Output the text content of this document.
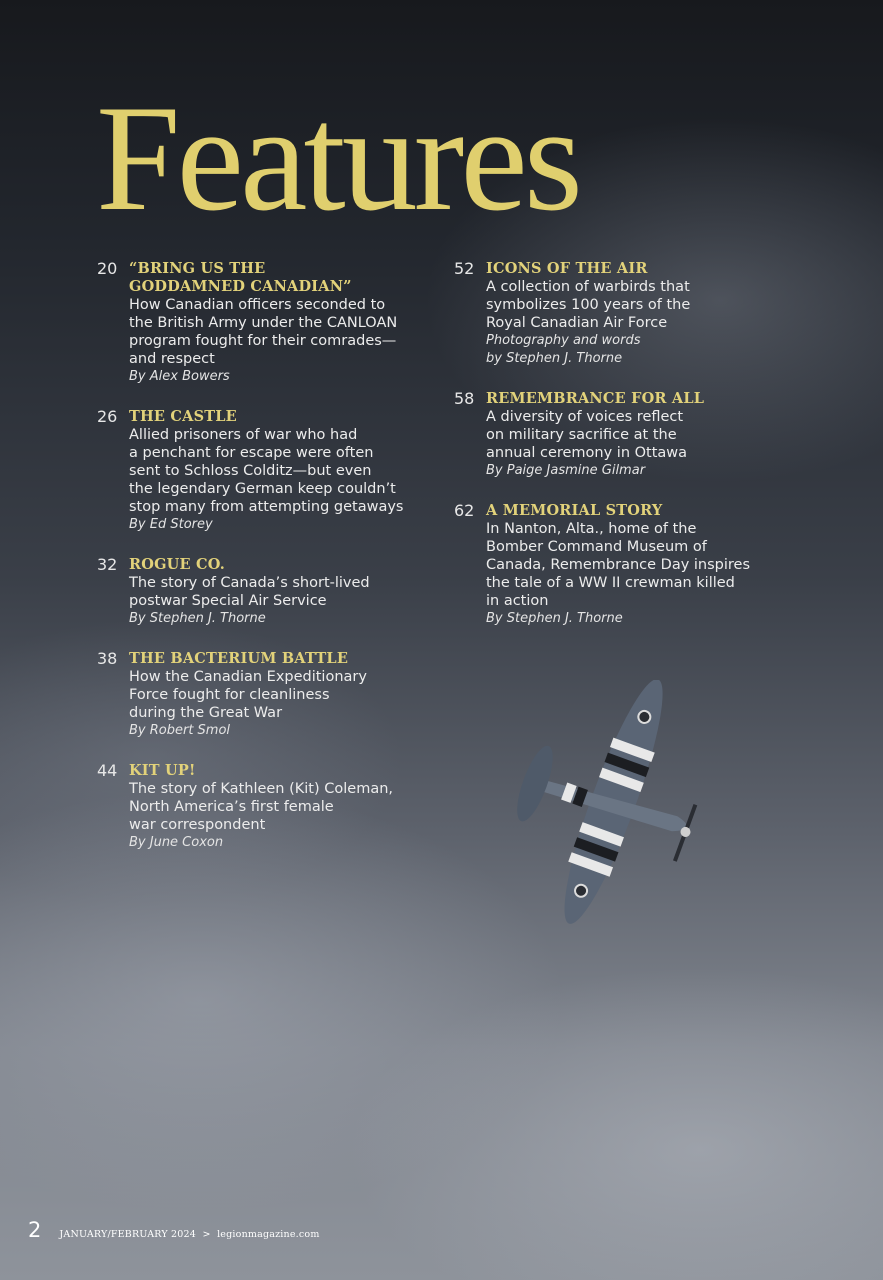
Features
20 “BRING US THE
GODDAMNED CANADIAN”

How Canadian officers seconded to
the British Army under the CANLOAN
program fought for their comrades—
and respect

By Alex Bowers

26 THE CASTLE

Allied prisoners of war who had
a penchant for escape were often
sent to Schloss Colditz—but even
the legendary German keep couldn’t
stop many from attempting getaways

By Ed Storey

32 ROGUE CO.

The story of Canada’s short-lived
postwar Special Air Service

By Stephen J. Thorne

38 THE BACTERIUM BATTLE

How the Canadian Expeditionary
Force fought for cleanliness
during the Great War

By Robert Smol

44 KIT UP!

The story of Kathleen (Kit) Coleman,
North America’s first female
war correspondent

By June Coxon

52 ICONS OF THE AIR

A collection of warbirds that
symbolizes 100 years of the
Royal Canadian Air Force

Photography and words
by Stephen J. Thorne

58 REMEMBRANCE FOR ALL

A diversity of voices reflect
on military sacrifice at the
annual ceremony in Ottawa

By Paige Jasmine Gilmar

62 A MEMORIAL STORY

In Nanton, Alta., home of the
Bomber Command Museum of
Canada, Remembrance Day inspires
the tale of a WW II crewman killed
in action

By Stephen J. Thorne

2 JANUARY/FEBRUARY 2024  >  legionmagazine.com
